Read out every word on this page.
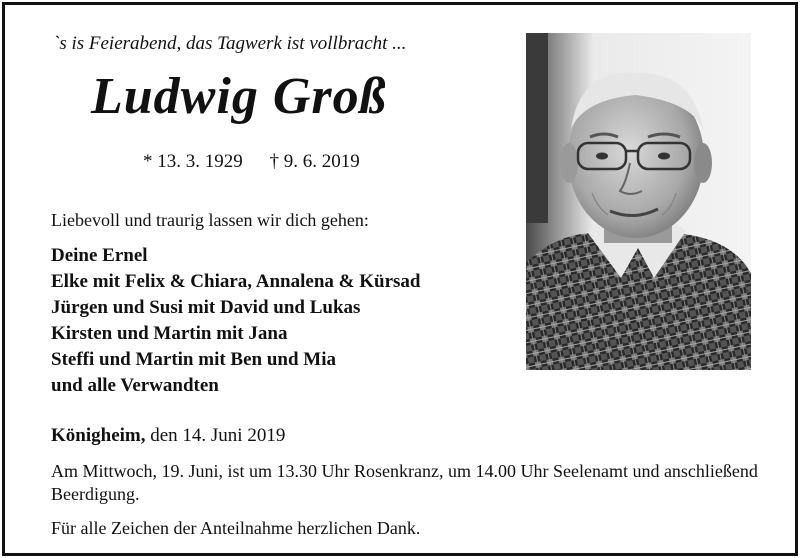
`s is Feierabend, das Tagwerk ist vollbracht ...
Ludwig Groß
* 13. 3. 1929 † 9. 6. 2019
Liebevoll und traurig lassen wir dich gehen:
Deine Ernel
Elke mit Felix & Chiara, Annalena & Kürsad
Jürgen und Susi mit David und Lukas
Kirsten und Martin mit Jana
Steffi und Martin mit Ben und Mia
und alle Verwandten
Königheim, den 14. Juni 2019
Am Mittwoch, 19. Juni, ist um 13.30 Uhr Rosenkranz, um 14.00 Uhr Seelenamt und anschließend Beerdigung.
Für alle Zeichen der Anteilnahme herzlichen Dank.
